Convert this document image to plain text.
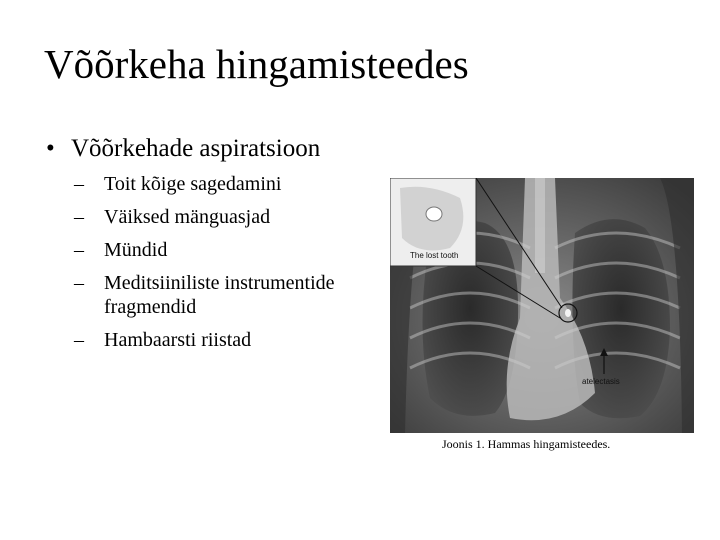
Võõrkeha hingamisteedes
• Võõrkehade aspiratsioon
– Toit kõige sagedamini
– Väiksed mänguasjad
– Mündid
– Meditsiiniliste instrumentide fragmendid
– Hambaarsti riistad
The lost tooth
atelectasis
Joonis 1. Hammas hingamisteedes.
